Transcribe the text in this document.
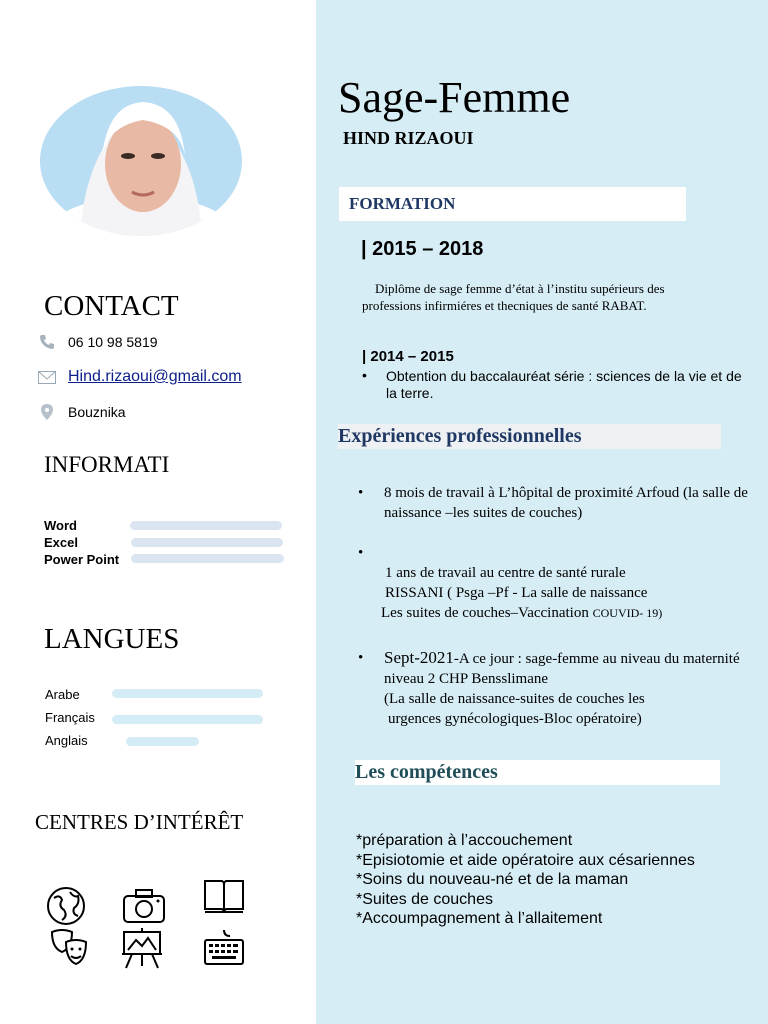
CONTACT
06 10 98 5819
Hind.rizaoui@gmail.com
Bouznika
INFORMATI
Word
Excel
Power Point
LANGUES
Arabe
Français
Anglais
CENTRES D’INTÉRÊT
Sage-Femme
HIND RIZAOUI
FORMATION
| 2015 – 2018
Diplôme de sage femme d’état à l’institu supérieurs des professions infirmiéres et thecniques de santé RABAT.
| 2014 – 2015
• Obtention du baccalauréat série : sciences de la vie et de la terre.
Expériences professionnelles
• 8 mois de travail à L’hôpital de proximité Arfoud (la salle de naissance –les suites de couches)
•
1 ans de travail au centre de santé rurale
RISSANI ( Psga –Pf - La salle de naissance
Les suites de couches–Vaccination COUVID- 19)
• Sept-2021-A ce jour : sage-femme au niveau du maternité niveau 2 CHP Bensslimane
(La salle de naissance-suites de couches les
urgences gynécologiques-Bloc opératoire)
Les compétences
*préparation à l’accouchement
*Episiotomie et aide opératoire aux césariennes
*Soins du nouveau-né et de la maman
*Suites de couches
*Accoumpagnement à l’allaitement
